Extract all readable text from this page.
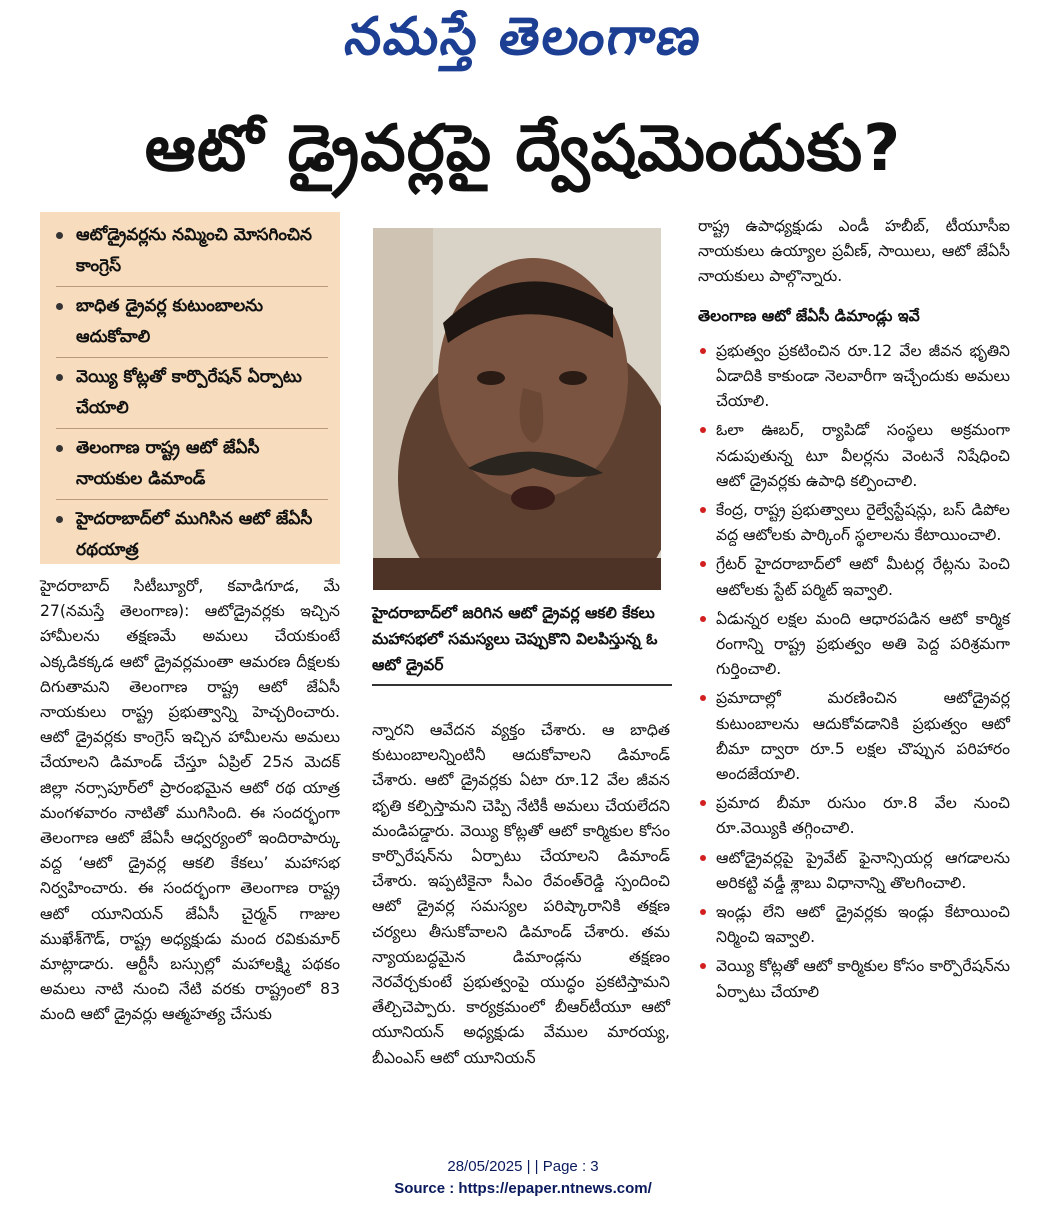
నమస్తే తెలంగాణ
ఆటో డ్రైవర్లపై ద్వేషమెందుకు?
ఆటోడ్రైవర్లను నమ్మించి మోసగించిన కాంగ్రెస్
బాధిత డ్రైవర్ల కుటుంబాలను ఆదుకోవాలి
వెయ్యి కోట్లతో కార్పొరేషన్ ఏర్పాటు చేయాలి
తెలంగాణ రాష్ట్ర ఆటో జేఏసీ నాయకుల డిమాండ్
హైదరాబాద్‌లో ముగిసిన ఆటో జేఏసీ రథయాత్ర
హైదరాబాద్‌లో జరిగిన ఆటో డ్రైవర్ల ఆకలి కేకలు మహాసభలో సమస్యలు చెప్పుకొని విలపిస్తున్న ఓ ఆటో డ్రైవర్
హైదరాబాద్ సిటీబ్యూరో, కవాడిగూడ, మే 27(నమస్తే తెలంగాణ): ఆటోడ్రైవర్లకు ఇచ్చిన హామీలను తక్షణమే అమలు చేయకుంటే ఎక్కడికక్కడ ఆటో డ్రైవర్లమంతా ఆమరణ దీక్షలకు దిగుతామని తెలంగాణ రాష్ట్ర ఆటో జేఏసీ నాయకులు రాష్ట్ర ప్రభుత్వాన్ని హెచ్చరించారు. ఆటో డ్రైవర్లకు కాంగ్రెస్ ఇచ్చిన హామీలను అమలు చేయాలని డిమాండ్ చేస్తూ ఏప్రిల్ 25న మెదక్ జిల్లా నర్సాపూర్‌లో ప్రారంభమైన ఆటో రథ యాత్ర మంగళవారం నాటితో ముగిసింది. ఈ సందర్భంగా తెలంగాణ ఆటో జేఏసీ ఆధ్వర్యంలో ఇందిరాపార్కు వద్ద ‘ఆటో డ్రైవర్ల ఆకలి కేకలు’ మహాసభ నిర్వహించారు. ఈ సందర్భంగా తెలంగాణ రాష్ట్ర ఆటో యూనియన్ జేఏసీ చైర్మన్ గాజుల ముఖేశ్‌గౌడ్, రాష్ట్ర అధ్యక్షుడు మంద రవికుమార్ మాట్లాడారు. ఆర్టీసీ బస్సుల్లో మహాలక్ష్మి పథకం అమలు నాటి నుంచి నేటి వరకు రాష్ట్రంలో 83 మంది ఆటో డ్రైవర్లు ఆత్మహత్య చేసుకు
న్నారని ఆవేదన వ్యక్తం చేశారు. ఆ బాధిత కుటుంబాలన్నింటినీ ఆదుకోవాలని డిమాండ్ చేశారు. ఆటో డ్రైవర్లకు ఏటా రూ.12 వేల జీవన భృతి కల్పిస్తామని చెప్పి నేటికీ అమలు చేయలేదని మండిపడ్డారు. వెయ్యి కోట్లతో ఆటో కార్మికుల కోసం కార్పొరేషన్‌ను ఏర్పాటు చేయాలని డిమాండ్ చేశారు. ఇప్పటికైనా సీఎం రేవంత్‌రెడ్డి స్పందించి ఆటో డ్రైవర్ల సమస్యల పరిష్కారానికి తక్షణ చర్యలు తీసుకోవాలని డిమాండ్ చేశారు. తమ న్యాయబద్ధమైన డిమాండ్లను తక్షణం నెరవేర్చకుంటే ప్రభుత్వంపై యుద్ధం ప్రకటిస్తామని తేల్చిచెప్పారు. కార్యక్రమంలో బీఆర్‌టీయూ ఆటో యూనియన్ అధ్యక్షుడు వేముల మారయ్య, బీఎంఎస్ ఆటో యూనియన్
రాష్ట్ర ఉపాధ్యక్షుడు ఎండీ హబీబ్, టీయూసీఐ నాయకులు ఉయ్యాల ప్రవీణ్, సాయిలు, ఆటో జేఏసీ నాయకులు పాల్గొన్నారు.
తెలంగాణ ఆటో జేఏసీ డిమాండ్లు ఇవే
ప్రభుత్వం ప్రకటించిన రూ.12 వేల జీవన భృతిని ఏడాదికి కాకుండా నెలవారీగా ఇచ్చేందుకు అమలు చేయాలి.
ఓలా ఊబర్, ర్యాపిడో సంస్థలు అక్రమంగా నడుపుతున్న టూ వీలర్లను వెంటనే నిషేధించి ఆటో డ్రైవర్లకు ఉపాధి కల్పించాలి.
కేంద్ర, రాష్ట్ర ప్రభుత్వాలు రైల్వేస్టేషన్లు, బస్ డిపోల వద్ద ఆటోలకు పార్కింగ్ స్థలాలను కేటాయించాలి.
గ్రేటర్ హైదరాబాద్‌లో ఆటో మీటర్ల రేట్లను పెంచి ఆటోలకు స్టేట్ పర్మిట్ ఇవ్వాలి.
ఏడున్నర లక్షల మంది ఆధారపడిన ఆటో కార్మిక రంగాన్ని రాష్ట్ర ప్రభుత్వం అతి పెద్ద పరిశ్రమగా గుర్తించాలి.
ప్రమాదాల్లో మరణించిన ఆటోడ్రైవర్ల కుటుంబాలను ఆదుకోవడానికి ప్రభుత్వం ఆటో బీమా ద్వారా రూ.5 లక్షల చొప్పున పరిహారం అందజేయాలి.
ప్రమాద బీమా రుసుం రూ.8 వేల నుంచి రూ.వెయ్యికి తగ్గించాలి.
ఆటోడ్రైవర్లపై ప్రైవేట్ ఫైనాన్సియర్ల ఆగడాలను అరికట్టి వడ్డీ శ్లాబు విధానాన్ని తొలగించాలి.
ఇండ్లు లేని ఆటో డ్రైవర్లకు ఇండ్లు కేటాయించి నిర్మించి ఇవ్వాలి.
వెయ్యి కోట్లతో ఆటో కార్మికుల కోసం కార్పొరేషన్‌ను ఏర్పాటు చేయాలి
28/05/2025 | | Page : 3
Source : https://epaper.ntnews.com/
